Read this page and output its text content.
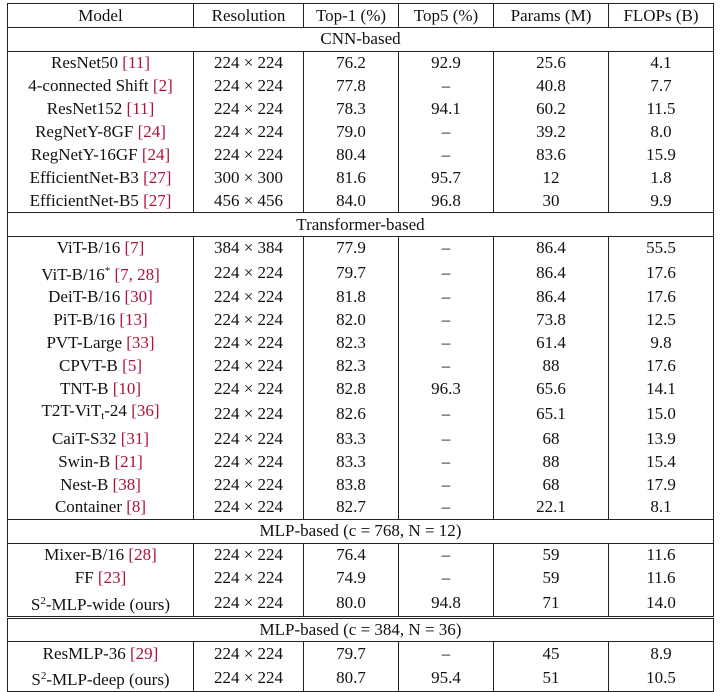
Model	Resolution	Top-1 (%)	Top5 (%)	Params (M)	FLOPs (B)
CNN-based					
ResNet50 [11]	224 × 224	76.2	92.9	25.6	4.1
4-connected Shift [2]	224 × 224	77.8	–	40.8	7.7
ResNet152 [11]	224 × 224	78.3	94.1	60.2	11.5
RegNetY-8GF [24]	224 × 224	79.0	–	39.2	8.0
RegNetY-16GF [24]	224 × 224	80.4	–	83.6	15.9
EfficientNet-B3 [27]	300 × 300	81.6	95.7	12	1.8
EfficientNet-B5 [27]	456 × 456	84.0	96.8	30	9.9
Transformer-based					
ViT-B/16 [7]	384 × 384	77.9	–	86.4	55.5
ViT-B/16* [7, 28]	224 × 224	79.7	–	86.4	17.6
DeiT-B/16 [30]	224 × 224	81.8	–	86.4	17.6
PiT-B/16 [13]	224 × 224	82.0	–	73.8	12.5
PVT-Large [33]	224 × 224	82.3	–	61.4	9.8
CPVT-B [5]	224 × 224	82.3	–	88	17.6
TNT-B [10]	224 × 224	82.8	96.3	65.6	14.1
T2T-ViT$_t$-24 [36]	224 × 224	82.6	–	65.1	15.0
CaiT-S32 [31]	224 × 224	83.3	–	68	13.9
Swin-B [21]	224 × 224	83.3	–	88	15.4
Nest-B [38]	224 × 224	83.8	–	68	17.9
Container [8]	224 × 224	82.7	–	22.1	8.1
MLP-based (c = 768, N = 12)					
Mixer-B/16 [28]	224 × 224	76.4	–	59	11.6
FF [23]	224 × 224	74.9	–	59	11.6
$S^2-MLP$-wide (ours)	224 × 224	80.0	94.8	71	14.0
MLP-based (c = 384, N = 36)					
ResMLP-36 [29]	224 × 224	79.7	–	45	8.9
$S^2-MLP$-deep (ours)	224 × 224	80.7	95.4	51	10.5
